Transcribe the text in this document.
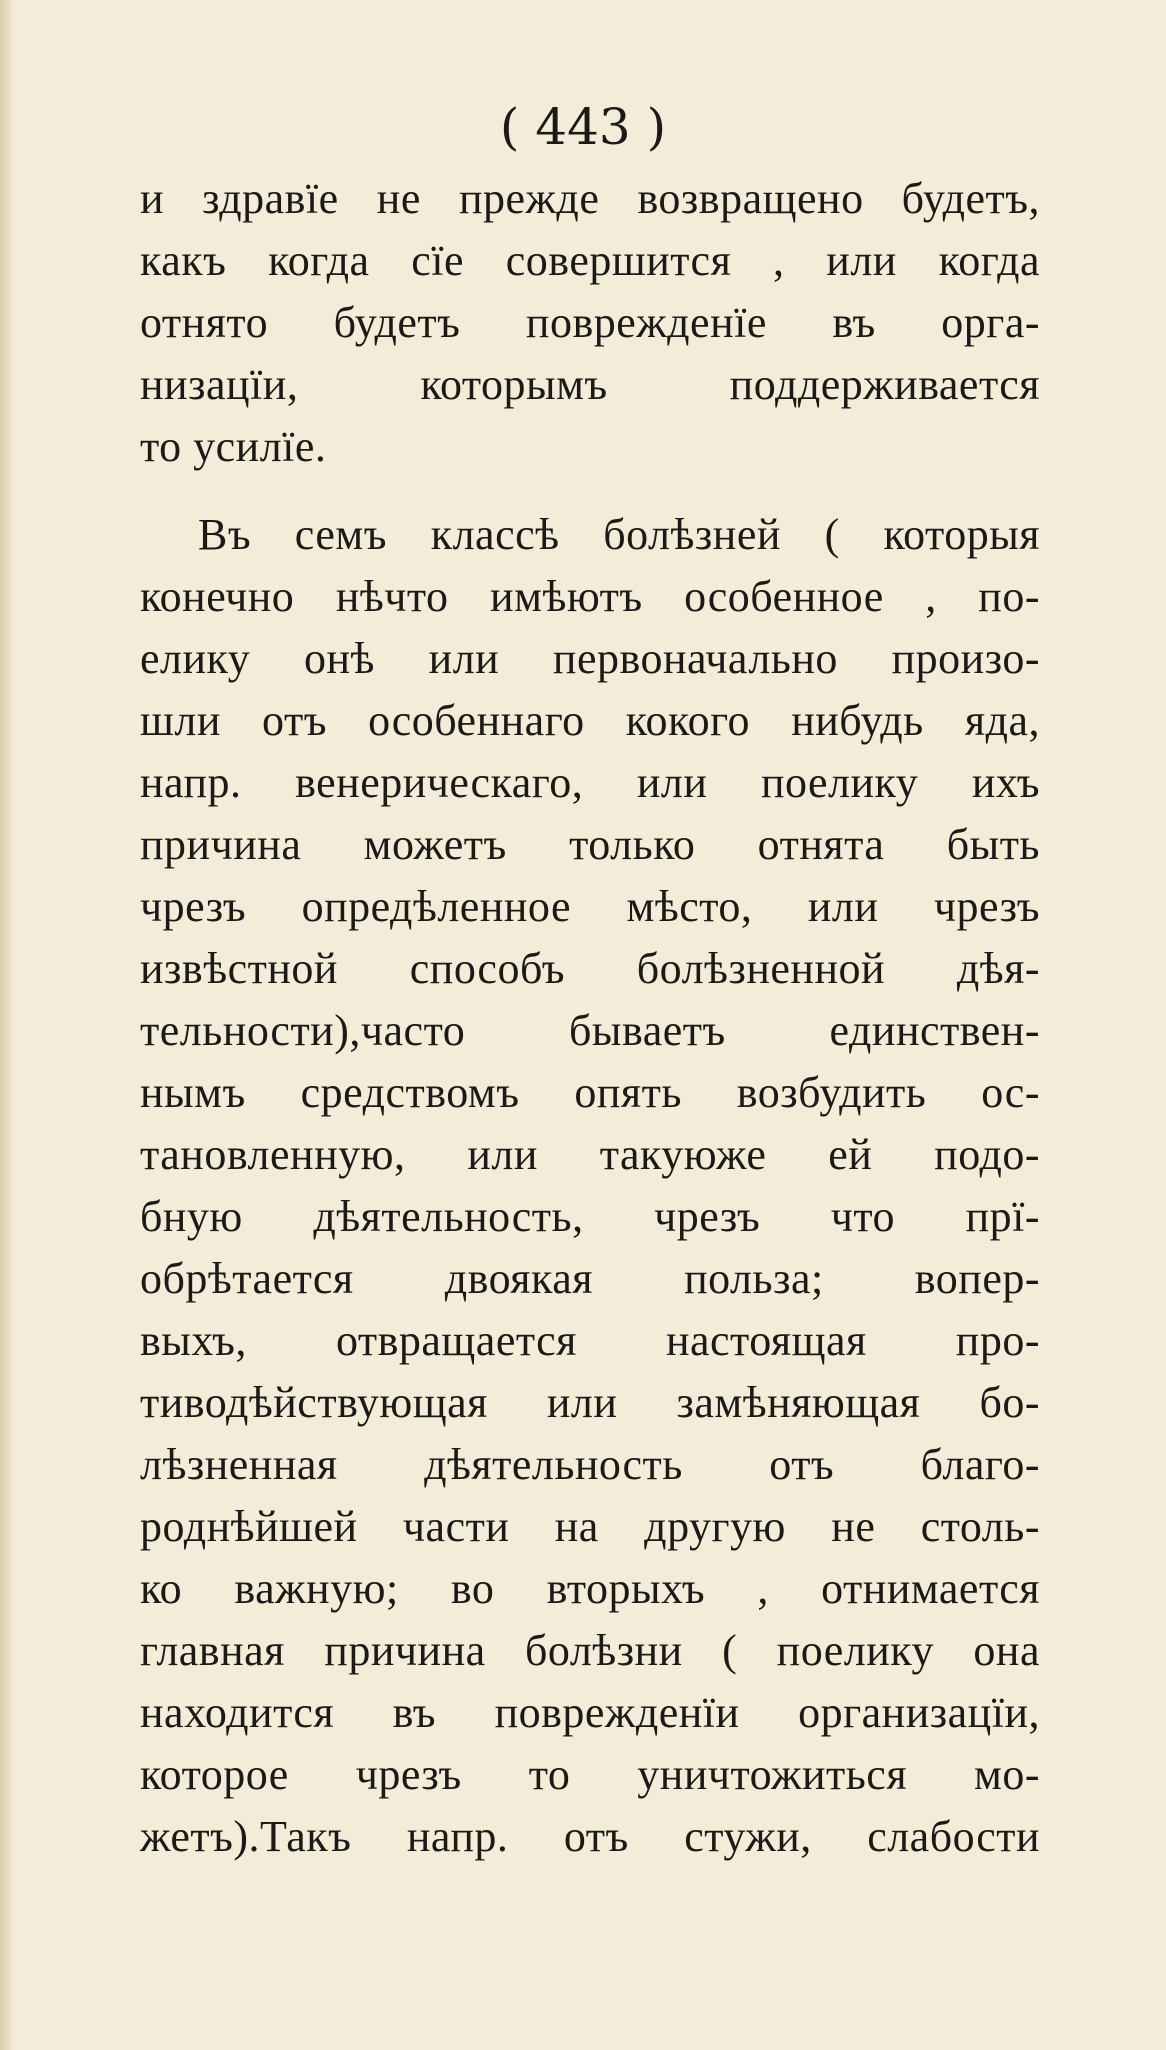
( 443 )
и здравїе не прежде возвращено будетъ,
какъ когда сїе совершится , или когда
отнято будетъ поврежденїе въ орга-
низацїи, которымъ поддерживается
то усилїе.
Въ семъ классѣ болѣзней ( которыя
конечно нѣчто имѣютъ особенное , по-
елику онѣ или первоначально произо-
шли отъ особеннаго кокого нибудь яда,
напр. венерическаго, или поелику ихъ
причина можетъ только отнята быть
чрезъ опредѣленное мѣсто, или чрезъ
извѣстной способъ болѣзненной дѣя-
тельности),часто бываетъ единствен-
нымъ средствомъ опять возбудить ос-
тановленную, или такуюже ей подо-
бную дѣятельность, чрезъ что прї-
обрѣтается двоякая польза; вопер-
выхъ, отвращается настоящая про-
тиводѣйствующая или замѣняющая бо-
лѣзненная дѣятельность отъ благо-
роднѣйшей части на другую не столь-
ко важную; во вторыхъ , отнимается
главная причина болѣзни ( поелику она
находится въ поврежденїи организацїи,
которое чрезъ то уничтожиться мо-
жетъ).Такъ напр. отъ стужи, слабости
